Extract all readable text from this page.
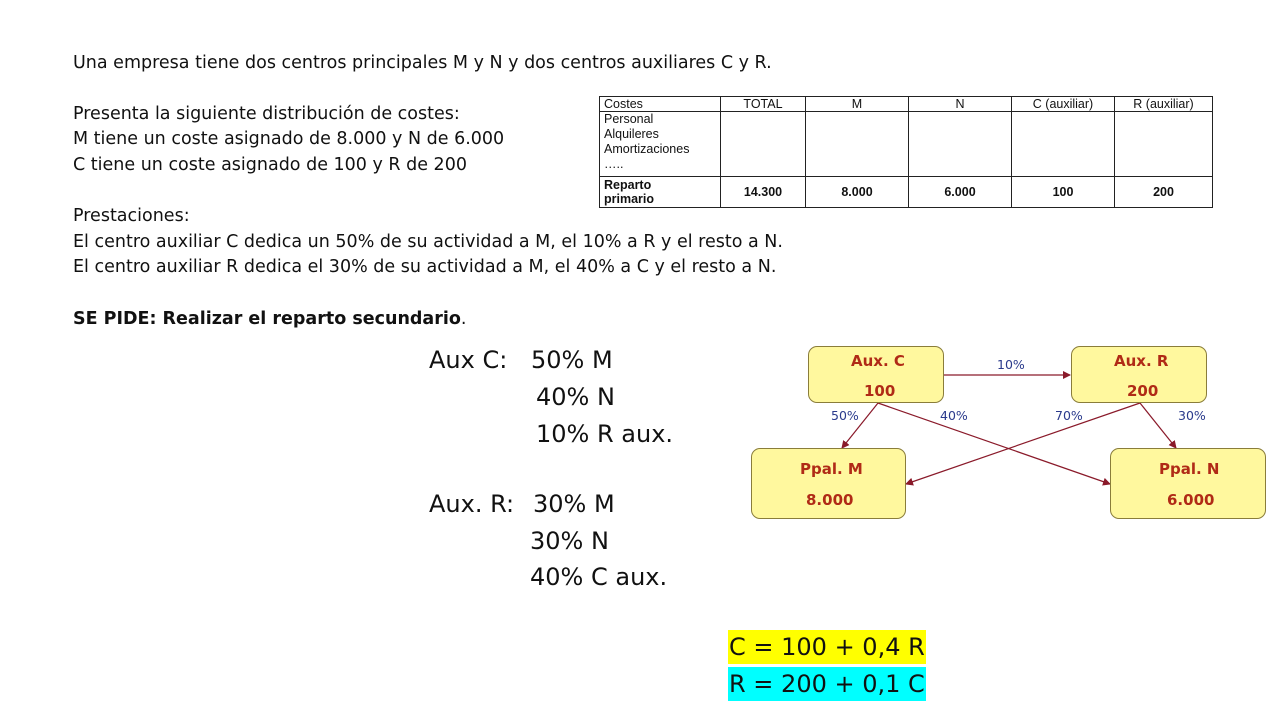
Una empresa tiene dos centros principales M y N y dos centros auxiliares C y R.
Presenta la siguiente distribución de costes:
M tiene un coste asignado de 8.000 y N de 6.000
C tiene un coste asignado de 100 y R de 200
Prestaciones:
El centro auxiliar C dedica un 50% de su actividad a M, el 10% a R y el resto a N.
El centro auxiliar R dedica el 30% de su actividad a M, el 40% a C y el resto a N.
SE PIDE: Realizar el reparto secundario.
Costes	TOTAL	M	N	C (auxiliar)	R (auxiliar)

Personal
Alquileres
Amortizaciones
…..					

Reparto
primario	14.300	8.000	6.000	100	200
Aux C: 50% M
40% N
10% R aux.
Aux. R: 30% M
30% N
40% C aux.
Aux. C
100
Aux. R
200
Ppal. M
8.000
Ppal. N
6.000
10%
50%	40%	70%	30%
C = 100 + 0,4 R
R = 200 + 0,1 C
